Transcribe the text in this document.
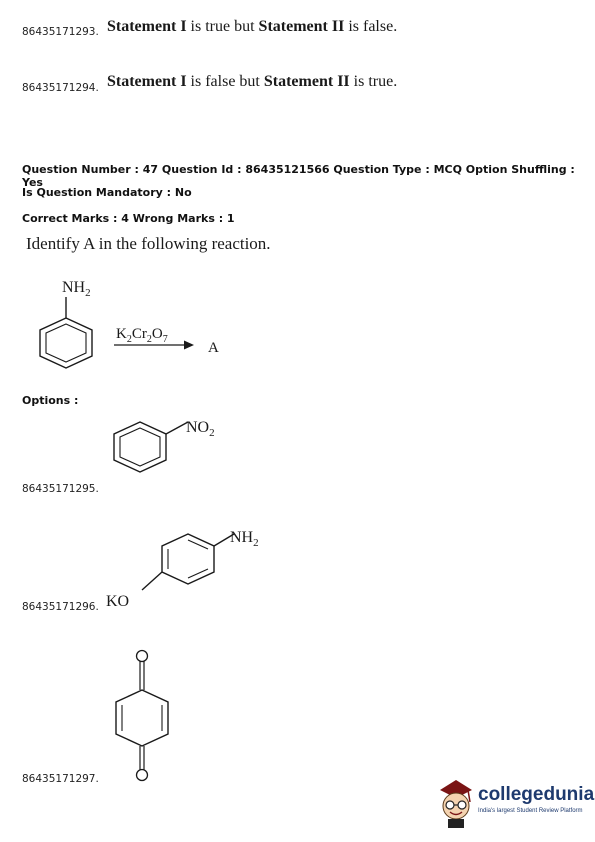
86435171293. Statement I is true but Statement II is false.
86435171294. Statement I is false but Statement II is true.
Question Number : 47 Question Id : 86435121566 Question Type : MCQ Option Shuffling : Yes
Is Question Mandatory : No
Correct Marks : 4 Wrong Marks : 1
Identify A in the following reaction.
$NH_2$
$K_2Cr_2O_7$
A
Options :
$NO_2$
86435171295.
$NH_2$
KO
86435171296.
86435171297.
collegedunia
India's largest Student Review Platform
